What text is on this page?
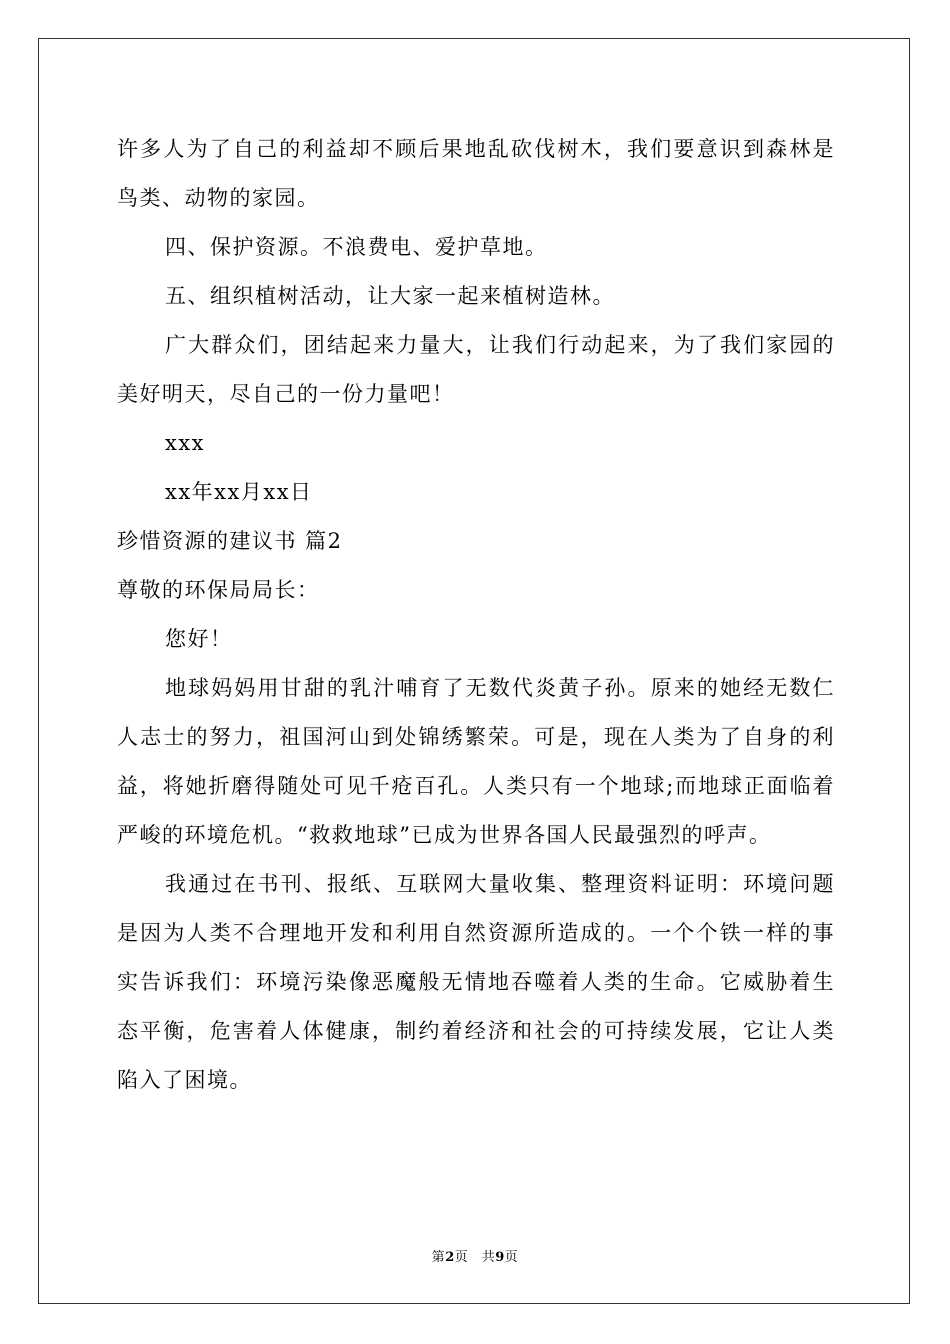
许多人为了自己的利益却不顾后果地乱砍伐树木，我们要意识到森林是鸟类、动物的家园。

四、保护资源。不浪费电、爱护草地。

五、组织植树活动，让大家一起来植树造林。

广大群众们，团结起来力量大，让我们行动起来，为了我们家园的美好明天，尽自己的一份力量吧！

xxx

xx年xx月xx日

珍惜资源的建议书 篇2

尊敬的环保局局长：

您好！

地球妈妈用甘甜的乳汁哺育了无数代炎黄子孙。原来的她经无数仁人志士的努力，祖国河山到处锦绣繁荣。可是，现在人类为了自身的利益，将她折磨得随处可见千疮百孔。人类只有一个地球;而地球正面临着严峻的环境危机。“救救地球”已成为世界各国人民最强烈的呼声。

我通过在书刊、报纸、互联网大量收集、整理资料证明：环境问题是因为人类不合理地开发和利用自然资源所造成的。一个个铁一样的事实告诉我们：环境污染像恶魔般无情地吞噬着人类的生命。它威胁着生态平衡，危害着人体健康，制约着经济和社会的可持续发展，它让人类陷入了困境。

第2页　共9页
